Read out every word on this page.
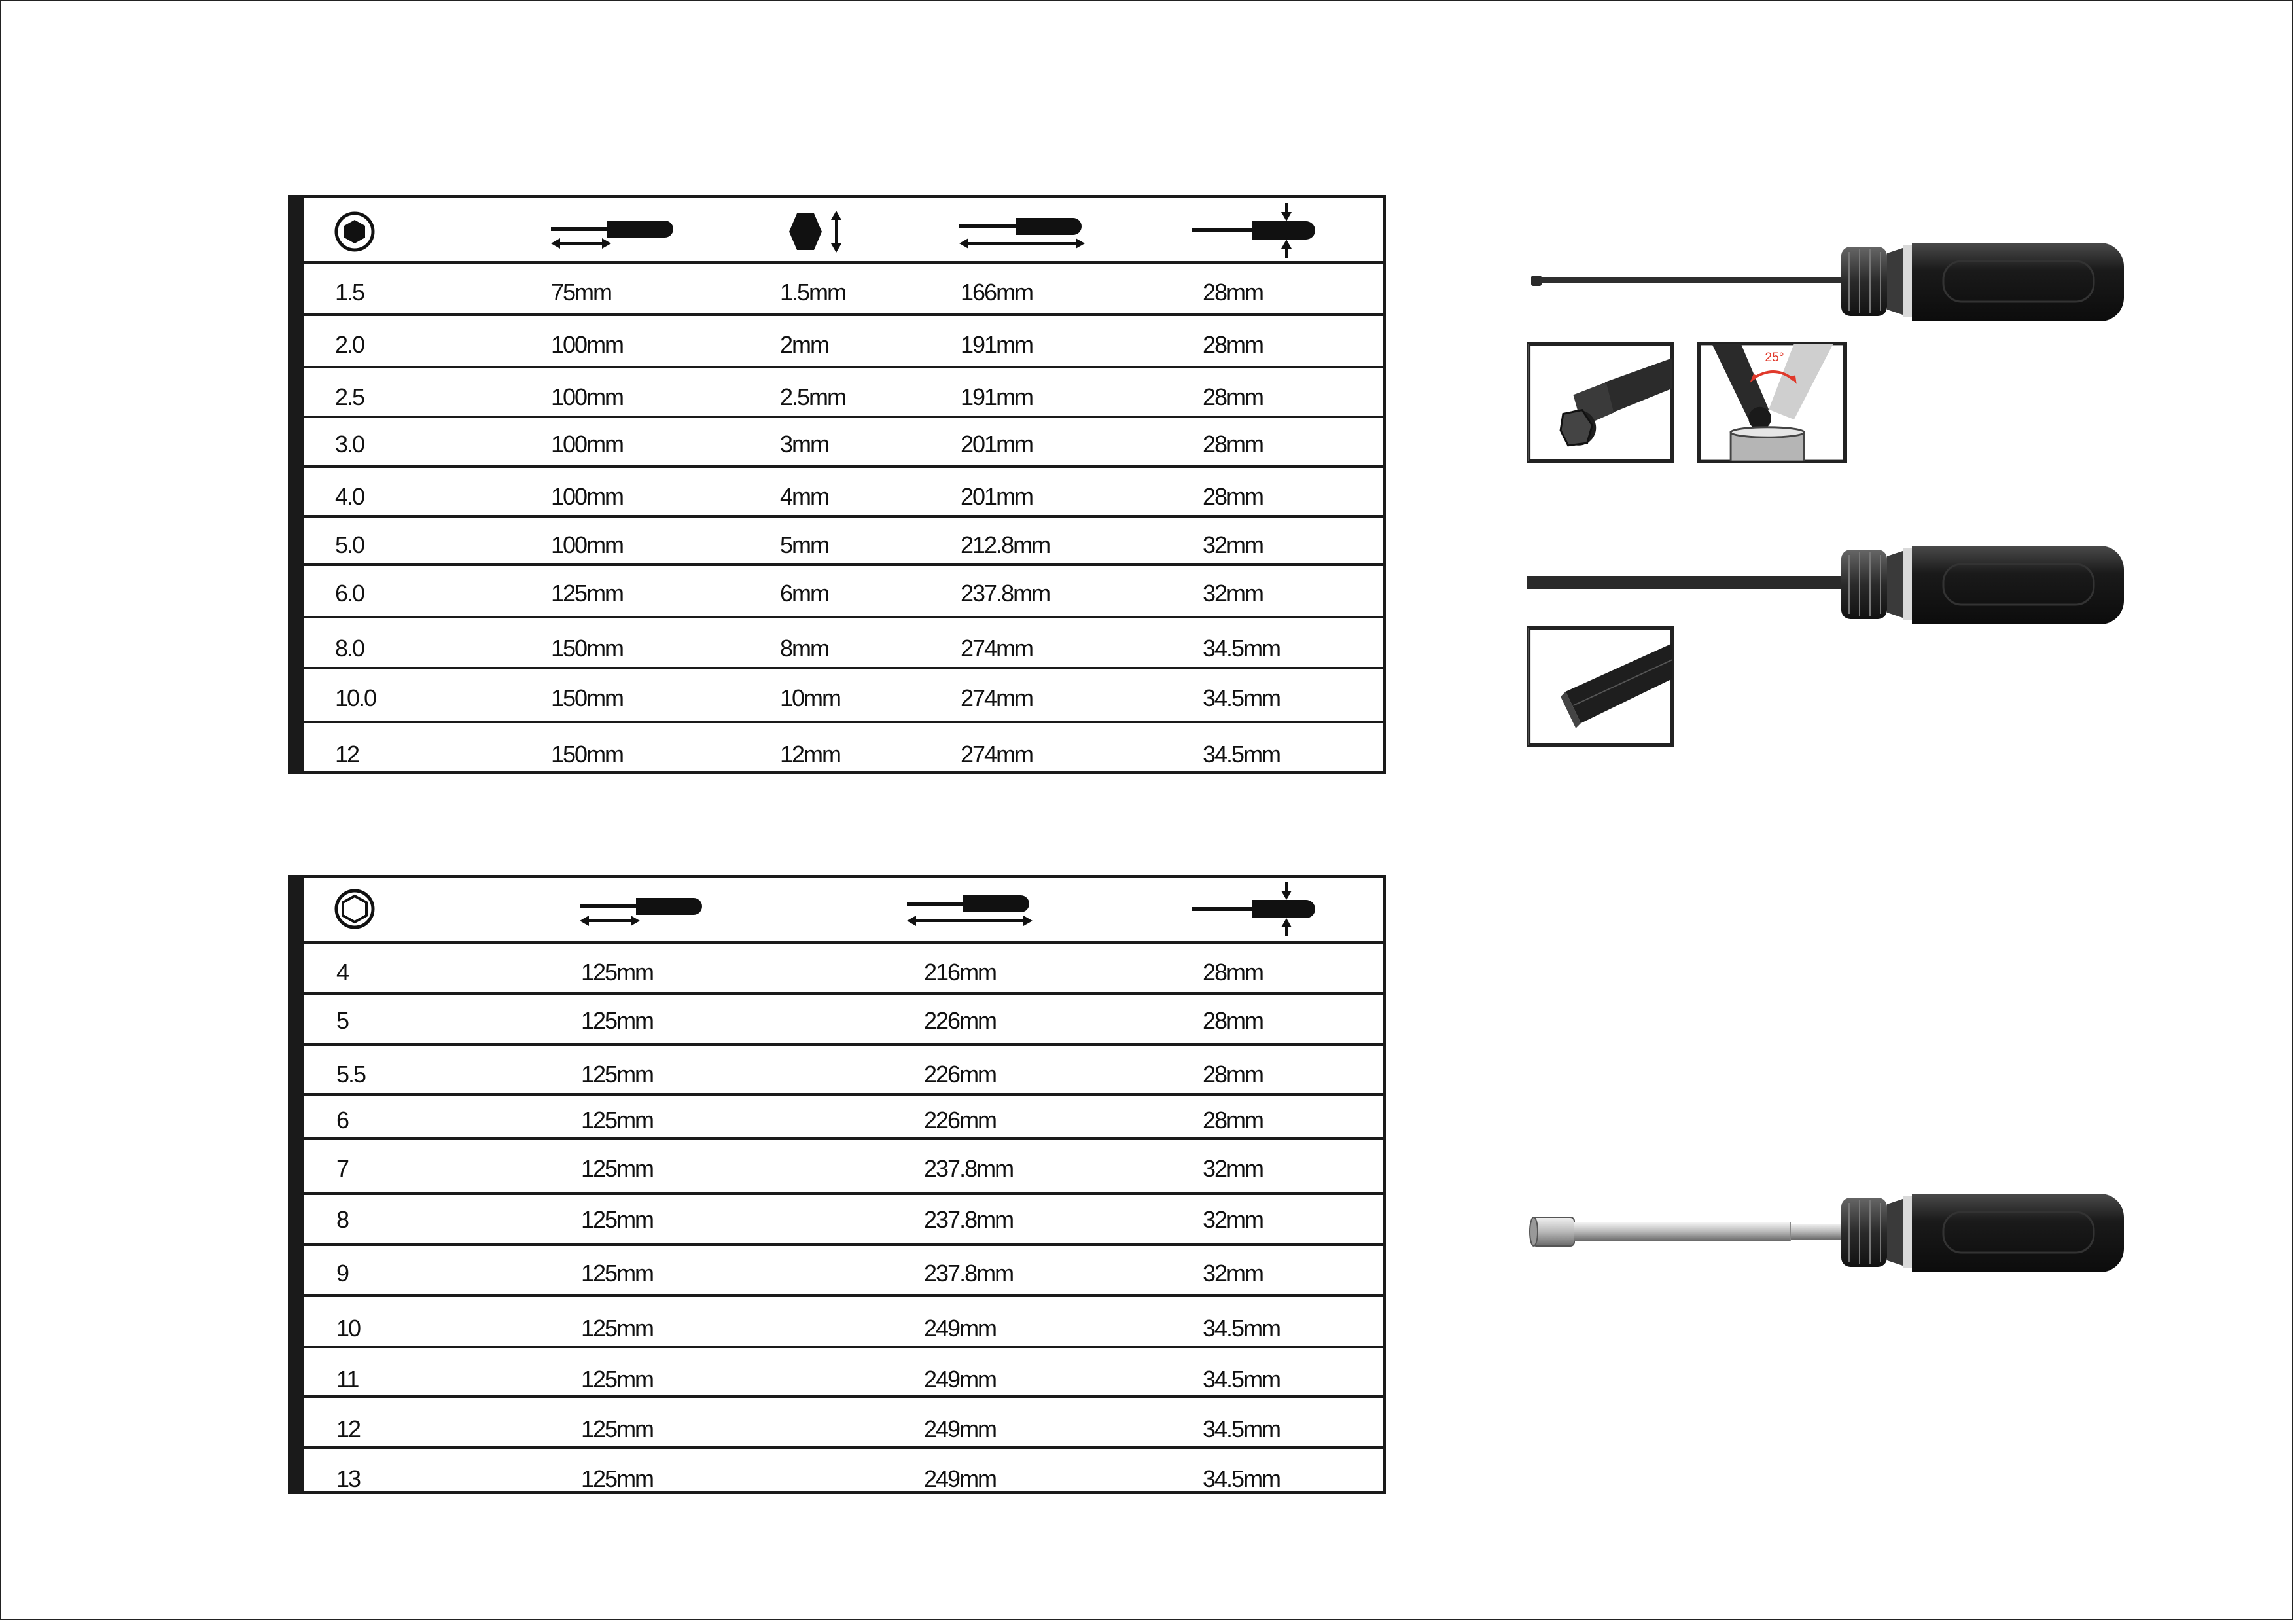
1.5	75mm	1.5mm	166mm	28mm
2.0	100mm	2mm	191mm	28mm
2.5	100mm	2.5mm	191mm	28mm
3.0	100mm	3mm	201mm	28mm
4.0	100mm	4mm	201mm	28mm
5.0	100mm	5mm	212.8mm	32mm
6.0	125mm	6mm	237.8mm	32mm
8.0	150mm	8mm	274mm	34.5mm
10.0	150mm	10mm	274mm	34.5mm
12	150mm	12mm	274mm	34.5mm
4	125mm	216mm	28mm
5	125mm	226mm	28mm
5.5	125mm	226mm	28mm
6	125mm	226mm	28mm
7	125mm	237.8mm	32mm
8	125mm	237.8mm	32mm
9	125mm	237.8mm	32mm
10	125mm	249mm	34.5mm
11	125mm	249mm	34.5mm
12	125mm	249mm	34.5mm
13	125mm	249mm	34.5mm
25°
